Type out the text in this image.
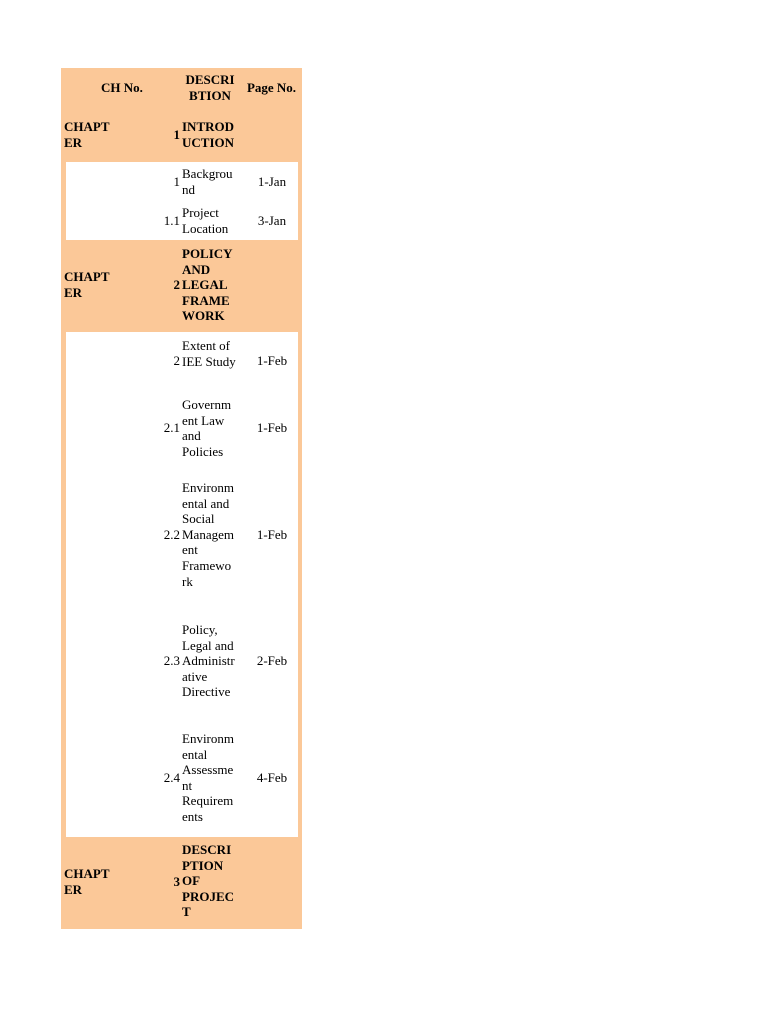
CH No.
DESCRI BTION
Page No.
CHAPT ER
1
INTROD UCTION
1
Backgrou nd
1-Jan
1.1
Project Location
3-Jan
CHAPT ER
2
POLICY AND LEGAL FRAME WORK
2
Extent of IEE Study	1-Feb
2.1
Governm ent Law and Policies
1-Feb
2.2
Environm ental and Social Managem ent Framewo rk
1-Feb
2.3
Policy, Legal and Administr ative Directive
2-Feb
2.4
Environm ental Assessme nt Requirem ents
4-Feb
CHAPT ER
3
DESCRI PTION OF PROJEC T
